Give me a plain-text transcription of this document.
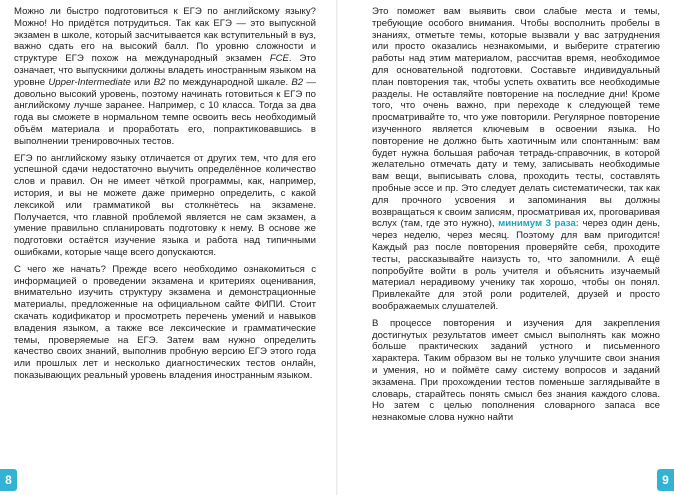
Можно ли быстро подготовиться к ЕГЭ по английскому языку? Можно! Но придётся потрудиться. Так как ЕГЭ — это выпускной экзамен в школе, который засчитывается как вступительный в вуз, важно сдать его на высокий балл. По уровню сложности и структуре ЕГЭ похож на международный экзамен FCE. Это означает, что выпускники должны владеть иностранным языком на уровне Upper-Intermediate или B2 по международной шкале. B2 — довольно высокий уровень, поэтому начинать готовиться к ЕГЭ по английскому лучше заранее. Например, с 10 класса. Тогда за два года вы сможете в нормальном темпе освоить весь необходимый объём материала и проработать его, попрактиковавшись в выполнении тренировочных тестов.

ЕГЭ по английскому языку отличается от других тем, что для его успешной сдачи недостаточно выучить определённое количество слов и правил. Он не имеет чёткой программы, как, например, история, и вы не можете даже примерно определить, с какой лексикой или грамматикой вы столкнётесь на экзамене. Получается, что главной проблемой является не сам экзамен, а умение правильно спланировать подготовку к нему. В основе же подготовки остаётся изучение языка и работа над типичными ошибками, которые чаще всего допускаются.

С чего же начать? Прежде всего необходимо ознакомиться с информацией о проведении экзамена и критериях оценивания, внимательно изучить структуру экзамена и демонстрационные материалы, предложенные на официальном сайте ФИПИ. Стоит скачать кодификатор и просмотреть перечень умений и навыков владения языком, а также все лексические и грамматические темы, проверяемые на ЕГЭ. Затем вам нужно определить качество своих знаний, выполнив пробную версию ЕГЭ этого года или прошлых лет и несколько диагностических тестов онлайн, показывающих реальный уровень владения иностранным языком.

Это поможет вам выявить свои слабые места и темы, требующие особого внимания. Чтобы восполнить пробелы в знаниях, отметьте темы, которые вызвали у вас затруднения или просто оказались незнакомыми, и выберите стратегию работы над этим материалом, рассчитав время, необходимое для основательной подготовки. Составьте индивидуальный план повторения так, чтобы успеть охватить все необходимые разделы. Не оставляйте повторение на последние дни! Кроме того, что очень важно, при переходе к следующей теме просматривайте то, что уже повторили. Регулярное повторение изученного является ключевым в освоении языка. Но повторение не должно быть хаотичным или спонтанным: вам будет нужна большая рабочая тетрадь-справочник, в которой желательно отмечать дату и тему, записывать необходимые вам вещи, выписывать слова, проходить тесты, составлять пробные эссе и пр. Это следует делать систематически, так как для прочного усвоения и запоминания вы должны возвращаться к своим записям, просматривая их, проговаривая вслух (там, где это нужно), минимум 3 раза: через один день, через неделю, через месяц. Поэтому для вам пригодится! Каждый раз после повторения проверяйте себя, проходите тесты, рассказывайте наизусть то, что запомнили. А ещё попробуйте войти в роль учителя и объяснить изучаемый материал нерадивому ученику так хорошо, чтобы он понял. Привлекайте для этой роли родителей, друзей и просто воображаемых слушателей.

В процессе повторения и изучения для закрепления достигнутых результатов имеет смысл выполнять как можно больше практических заданий устного и письменного характера. Таким образом вы не только улучшите свои знания и умения, но и поймёте саму систему вопросов и заданий экзамена. При прохождении тестов поменьше заглядывайте в словарь, старайтесь понять смысл без знания каждого слова. Но затем с целью пополнения словарного запаса все незнакомые слова нужно найти

8	9
